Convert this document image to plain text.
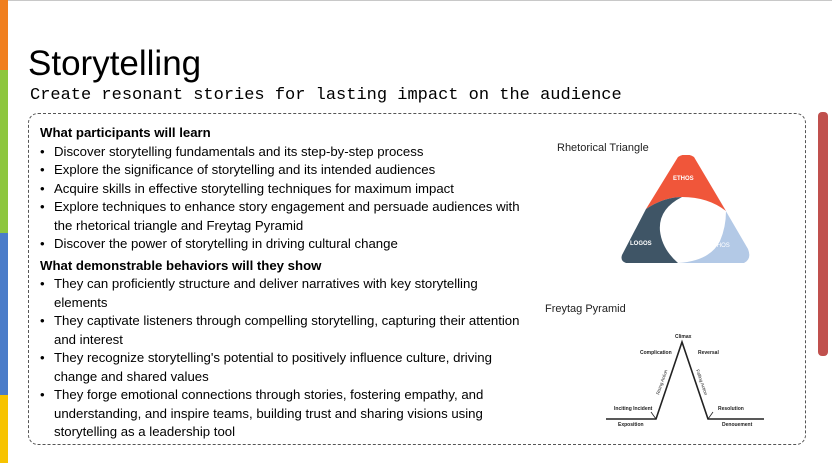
Storytelling
Create resonant stories for lasting impact on the audience
What participants will learn
• Discover storytelling fundamentals and its step-by-step process
• Explore the significance of storytelling and its intended audiences
• Acquire skills in effective storytelling techniques for maximum impact
• Explore techniques to enhance story engagement and persuade audiences with the rhetorical triangle and Freytag Pyramid
• Discover the power of storytelling in driving cultural change
What demonstrable behaviors will they show
• They can proficiently structure and deliver narratives with key storytelling elements
• They captivate listeners through compelling storytelling, capturing their attention and interest
• They recognize storytelling's potential to positively influence culture, driving change and shared values
• They forge emotional connections through stories, fostering empathy, and understanding, and inspire teams, building trust and sharing visions using storytelling as a leadership tool
Rhetorical Triangle
ETHOS
LOGOS	PATHOS
Freytag Pyramid
Climax
Complication	Reversal
Rising Action	Falling Action
Inciting Incident	Resolution
Exposition	Denouement
